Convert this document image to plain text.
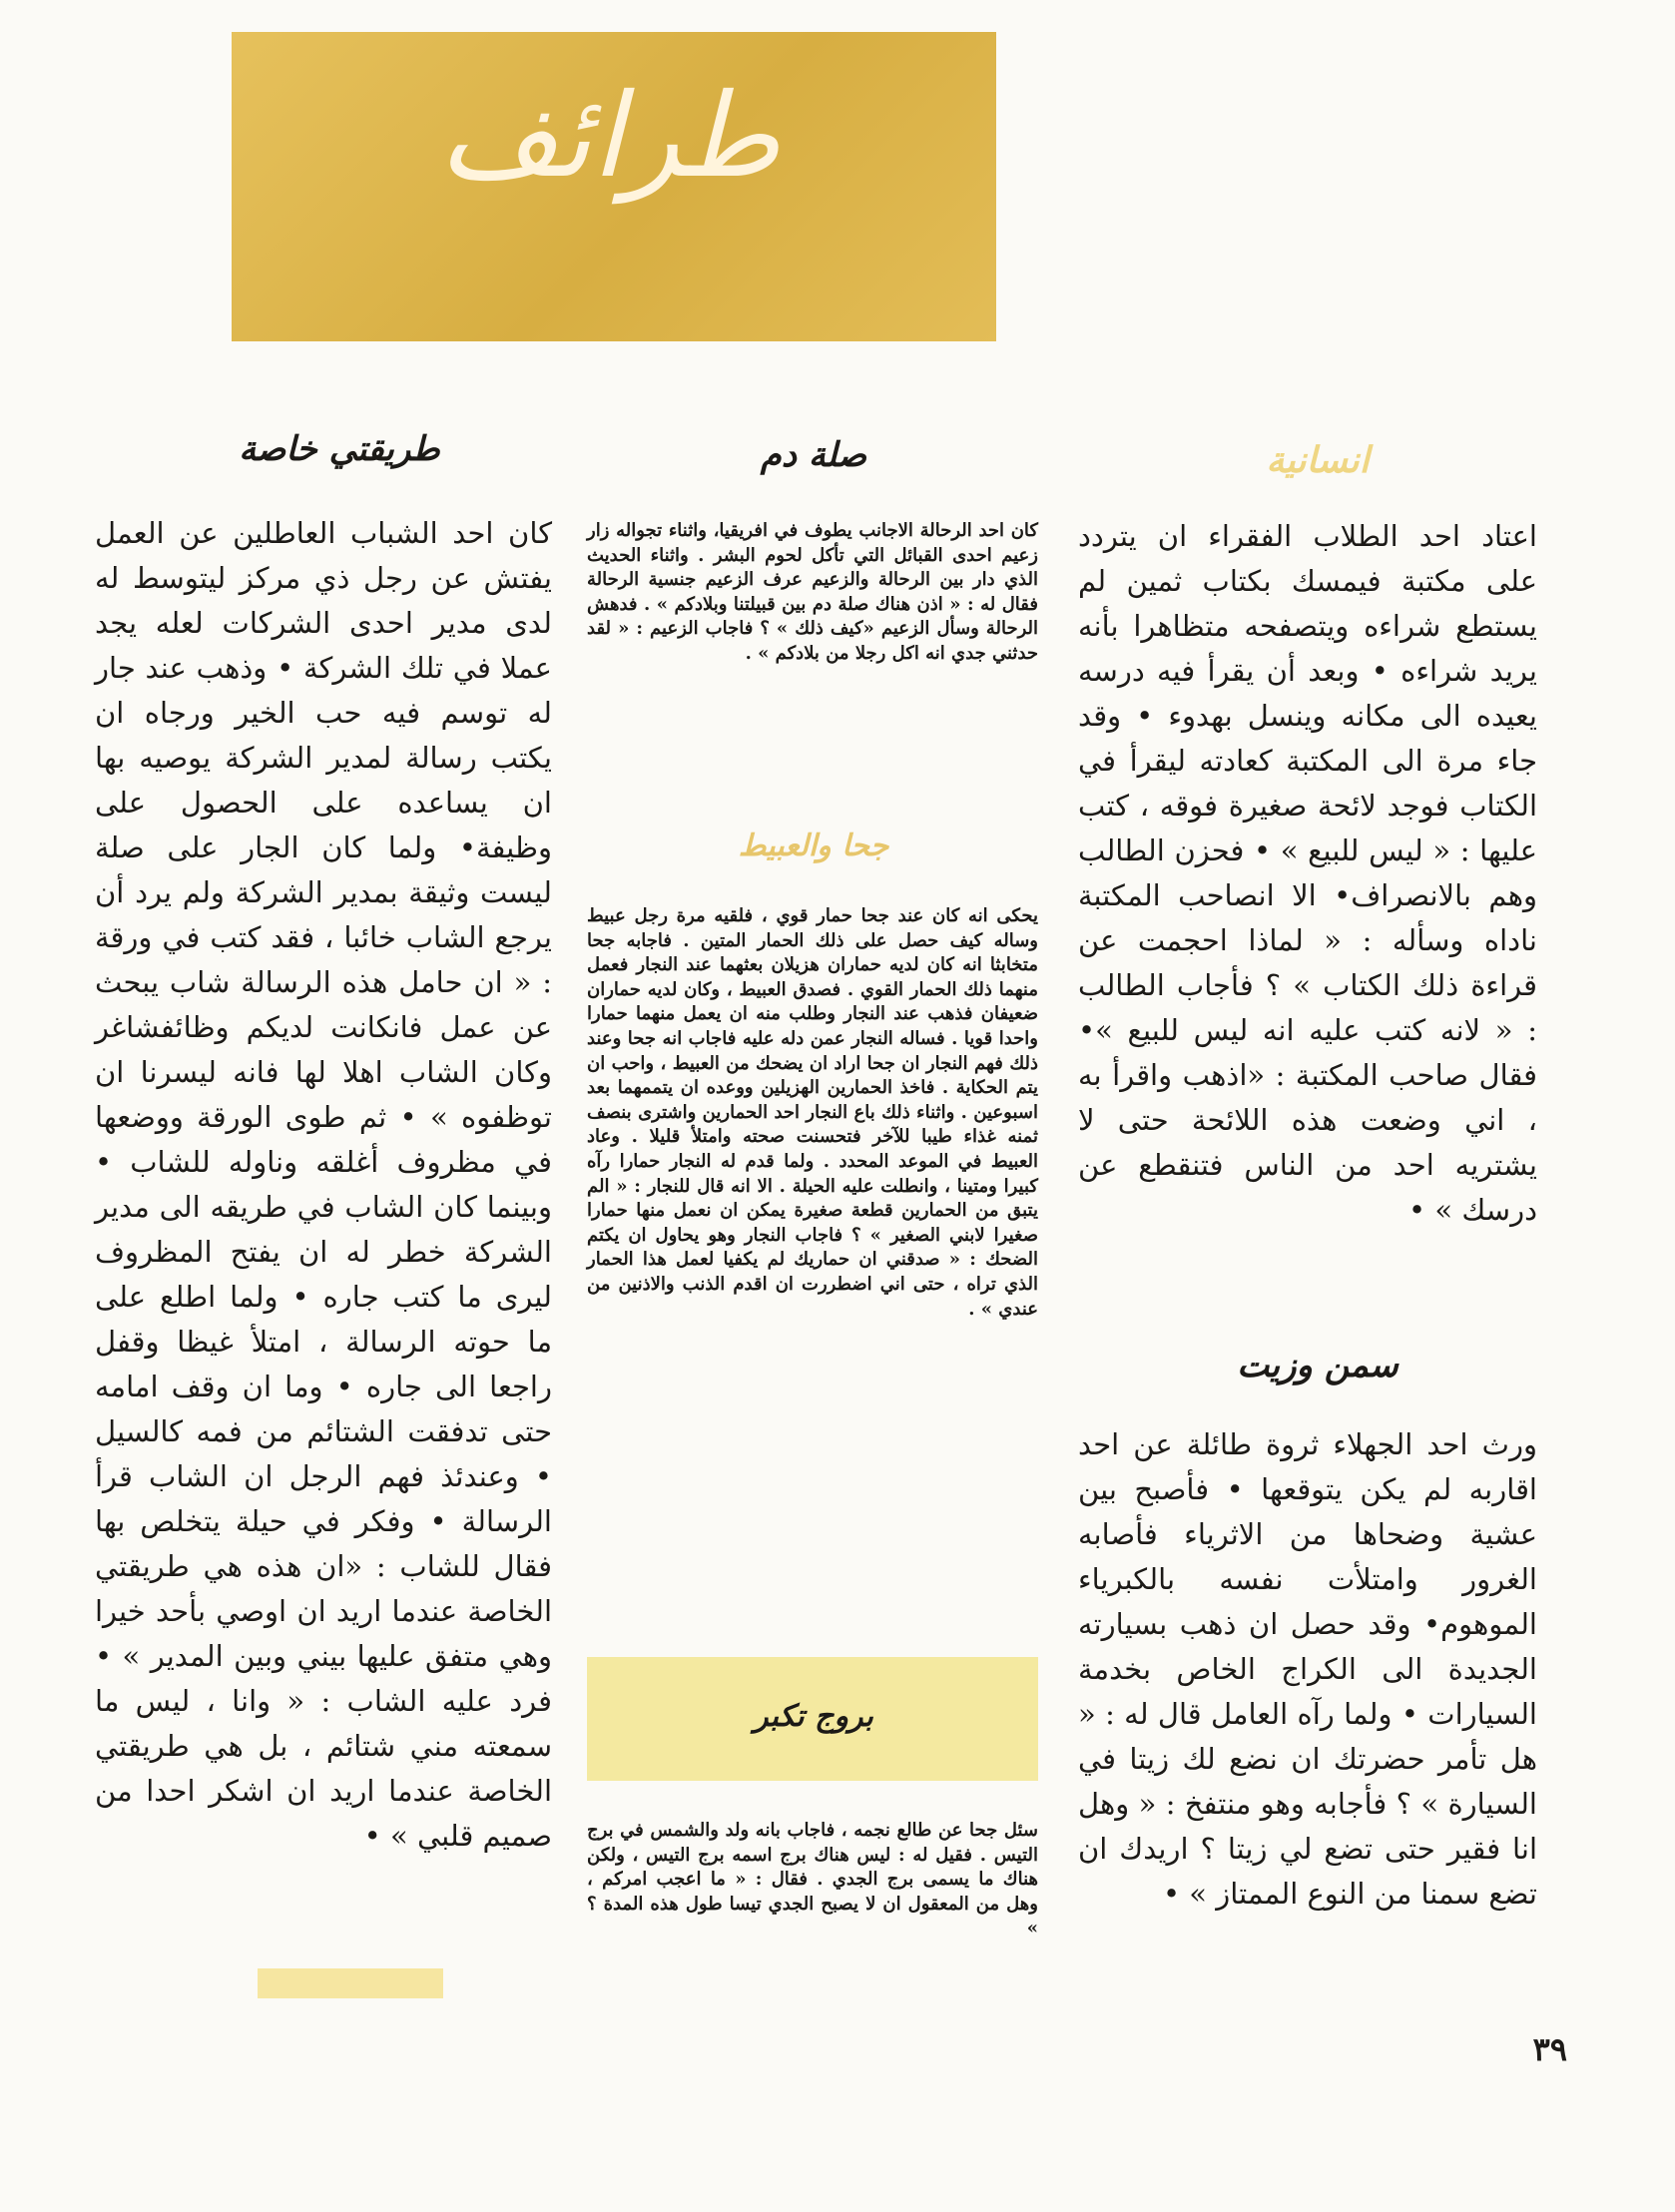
طرائف
انسانية
صلة دم
طريقتي خاصة

اعتاد احد الطلاب الفقراء ان يتردد على مكتبة فيمسك بكتاب ثمين لم يستطع شراءه ويتصفحه متظاهرا بأنه يريد شراءه • وبعد أن يقرأ فيه درسه يعيده الى مكانه وينسل بهدوء • وقد جاء مرة الى المكتبة كعادته ليقرأ في الكتاب فوجد لائحة صغيرة فوقه ، كتب عليها : « ليس للبيع » • فحزن الطالب وهم بالانصراف• الا انصاحب المكتبة ناداه وسأله : « لماذا احجمت عن قراءة ذلك الكتاب » ؟ فأجاب الطالب : « لانه كتب عليه انه ليس للبيع »• فقال صاحب المكتبة : «اذهب واقرأ به ، اني وضعت هذه اللائحة حتى لا يشتريه احد من الناس فتنقطع عن درسك » •

سمن وزيت

ورث احد الجهلاء ثروة طائلة عن احد اقاربه لم يكن يتوقعها • فأصبح بين عشية وضحاها من الاثرياء فأصابه الغرور وامتلأت نفسه بالكبرياء الموهوم• وقد حصل ان ذهب بسيارته الجديدة الى الكراج الخاص بخدمة السيارات • ولما رآه العامل قال له : « هل تأمر حضرتك ان نضع لك زيتا في السيارة » ؟ فأجابه وهو منتفخ : « وهل انا فقير حتى تضع لي زيتا ؟ اريدك ان تضع سمنا من النوع الممتاز » •

كان احد الرحالة الاجانب يطوف في افريقيا، واثناء تجواله زار زعيم احدى القبائل التي تأكل لحوم البشر . واثناء الحديث الذي دار بين الرحالة والزعيم عرف الزعيم جنسية الرحالة فقال له : « اذن هناك صلة دم بين قبيلتنا وبلادكم » . فدهش الرحالة وسأل الزعيم «كيف ذلك » ؟ فاجاب الزعيم : « لقد حدثني جدي انه اكل رجلا من بلادكم » .

جحا والعبيط

يحكى انه كان عند جحا حمار قوي ، فلقيه مرة رجل عبيط وساله كيف حصل على ذلك الحمار المتين . فاجابه جحا متخابثا انه كان لديه حماران هزيلان بعثهما عند النجار فعمل منهما ذلك الحمار القوي . فصدق العبيط ، وكان لديه حماران ضعيفان فذهب عند النجار وطلب منه ان يعمل منهما حمارا واحدا قويا . فساله النجار عمن دله عليه فاجاب انه جحا وعند ذلك فهم النجار ان جحا اراد ان يضحك من العبيط ، واحب ان يتم الحكاية . فاخذ الحمارين الهزيلين ووعده ان يتممهما بعد اسبوعين . واثناء ذلك باع النجار احد الحمارين واشترى بنصف ثمنه غذاء طيبا للآخر فتحسنت صحته وامتلأ قليلا . وعاد العبيط في الموعد المحدد . ولما قدم له النجار حمارا رآه كبيرا ومتينا ، وانطلت عليه الحيلة . الا انه قال للنجار : « الم يتبق من الحمارين قطعة صغيرة يمكن ان نعمل منها حمارا صغيرا لابني الصغير » ؟ فاجاب النجار وهو يحاول ان يكتم الضحك : « صدقني ان حماريك لم يكفيا لعمل هذا الحمار الذي تراه ، حتى اني اضطررت ان اقدم الذنب والاذنين من عندي » .

بروج تكبر

سئل جحا عن طالع نجمه ، فاجاب بانه ولد والشمس في برج التيس . فقيل له : ليس هناك برج اسمه برج التيس ، ولكن هناك ما يسمى برج الجدي . فقال : « ما اعجب امركم ، وهل من المعقول ان لا يصبح الجدي تيسا طول هذه المدة ؟ »

كان احد الشباب العاطلين عن العمل يفتش عن رجل ذي مركز ليتوسط له لدى مدير احدى الشركات لعله يجد عملا في تلك الشركة • وذهب عند جار له توسم فيه حب الخير ورجاه ان يكتب رسالة لمدير الشركة يوصيه بها ان يساعده على الحصول على وظيفة• ولما كان الجار على صلة ليست وثيقة بمدير الشركة ولم يرد أن يرجع الشاب خائبا ، فقد كتب في ورقة : « ان حامل هذه الرسالة شاب يبحث عن عمل فانكانت لديكم وظائفشاغر وكان الشاب اهلا لها فانه ليسرنا ان توظفوه » • ثم طوى الورقة ووضعها في مظروف أغلقه وناوله للشاب • وبينما كان الشاب في طريقه الى مدير الشركة خطر له ان يفتح المظروف ليرى ما كتب جاره • ولما اطلع على ما حوته الرسالة ، امتلأ غيظا وقفل راجعا الى جاره • وما ان وقف امامه حتى تدفقت الشتائم من فمه كالسيل • وعندئذ فهم الرجل ان الشاب قرأ الرسالة • وفكر في حيلة يتخلص بها فقال للشاب : «ان هذه هي طريقتي الخاصة عندما اريد ان اوصي بأحد خيرا وهي متفق عليها بيني وبين المدير » • فرد عليه الشاب : « وانا ، ليس ما سمعته مني شتائم ، بل هي طريقتي الخاصة عندما اريد ان اشكر احدا من صميم قلبي » •

٣٩
